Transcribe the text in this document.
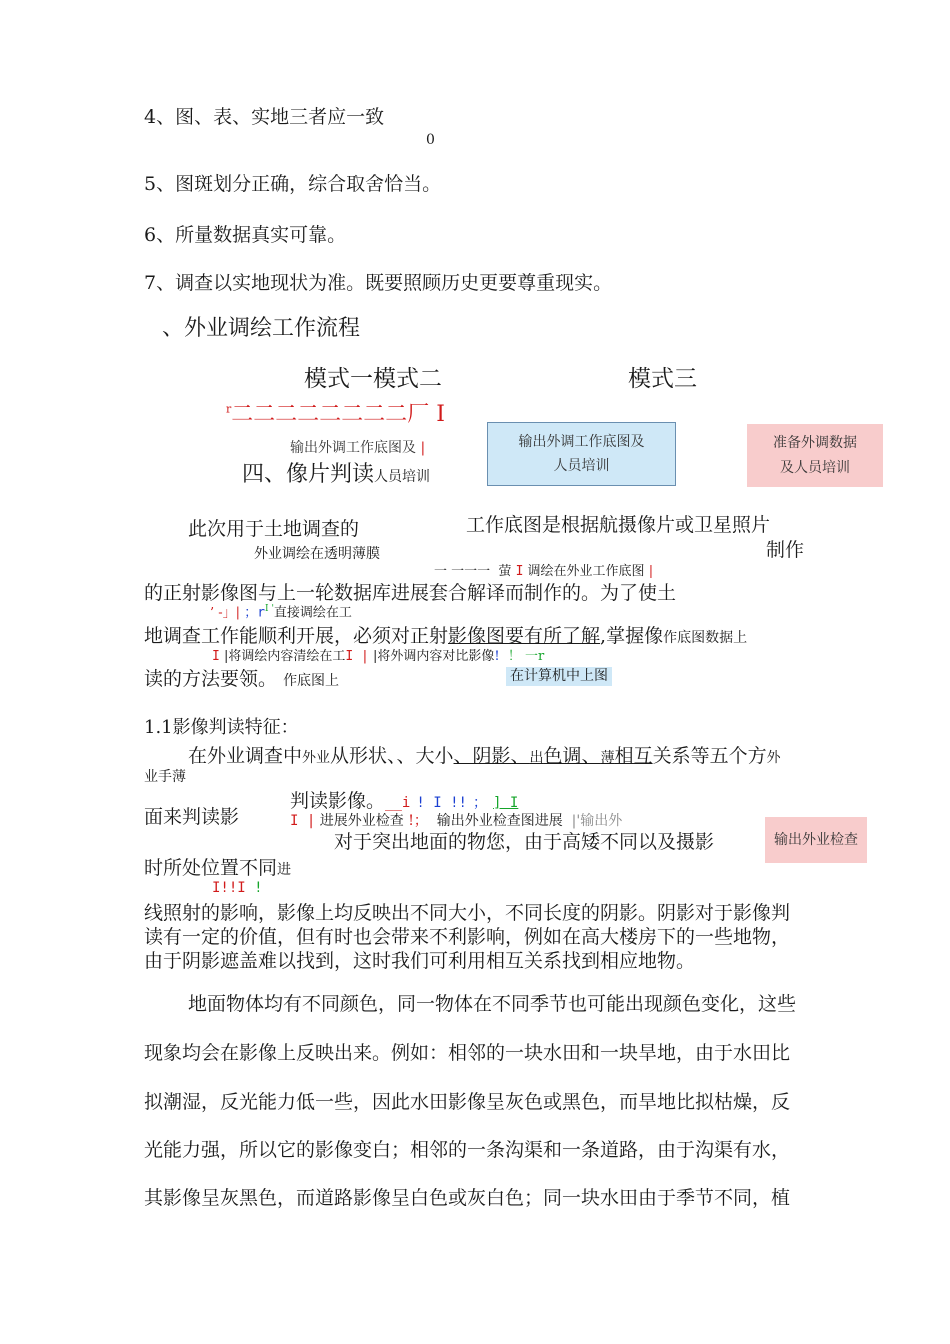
4、图、表、实地三者应一致
0
5、图斑划分正确，综合取舍恰当。
6、所量数据真实可靠。
7、调查以实地现状为准。既要照顾历史更要尊重现实。
、外业调绘工作流程
模式一模式二	模式三
$^r$二二二二二二二二厂 I
输出外调工作底图及 |	输出外调工作底图及
人员培训
准备外调数据
及人员培训
四、像片判读人员培训
此次用于土地调查的
外业调绘在透明薄膜
工作底图是根据航摄像片或卫星照片
制作
一 一一一 萤 I 调绘在外业工作底图 |
的正射影像图与上一轮数据库进展套合解译而制作的。为了使土
’ -」| ；$r^{I '}$直接调绘在工
地调查工作能顺利开展，必须对正射影像图要有所了解,掌握像作底图数据上
I |将调绘内容清绘在工I | |将外调内容对比影像! ！ 一r
读的方法要领。 作底图上	在计算机中上图
1.1影像判读特征：
在外业调查中外业从形状、、大小、阴影、出色调、薄相互关系等五个方外
业手薄
判读影像。__i ! I !! ； ] I
面来判读影	I | 进展外业检查 !； 输出外业检查图进展 |'输出外
对于突出地面的物您，由于高矮不同以及摄影	输出外业检查
时所处位置不同进
I!!I !
线照射的影响，影像上均反映出不同大小，不同长度的阴影。阴影对于影像判
读有一定的价值，但有时也会带来不利影响，例如在高大楼房下的一些地物，
由于阴影遮盖难以找到，这时我们可利用相互关系找到相应地物。
地面物体均有不同颜色，同一物体在不同季节也可能出现颜色变化，这些
现象均会在影像上反映出来。例如：相邻的一块水田和一块旱地，由于水田比
拟潮湿，反光能力低一些，因此水田影像呈灰色或黑色，而旱地比拟枯燥，反
光能力强，所以它的影像变白；相邻的一条沟渠和一条道路，由于沟渠有水，
其影像呈灰黑色，而道路影像呈白色或灰白色；同一块水田由于季节不同，植
